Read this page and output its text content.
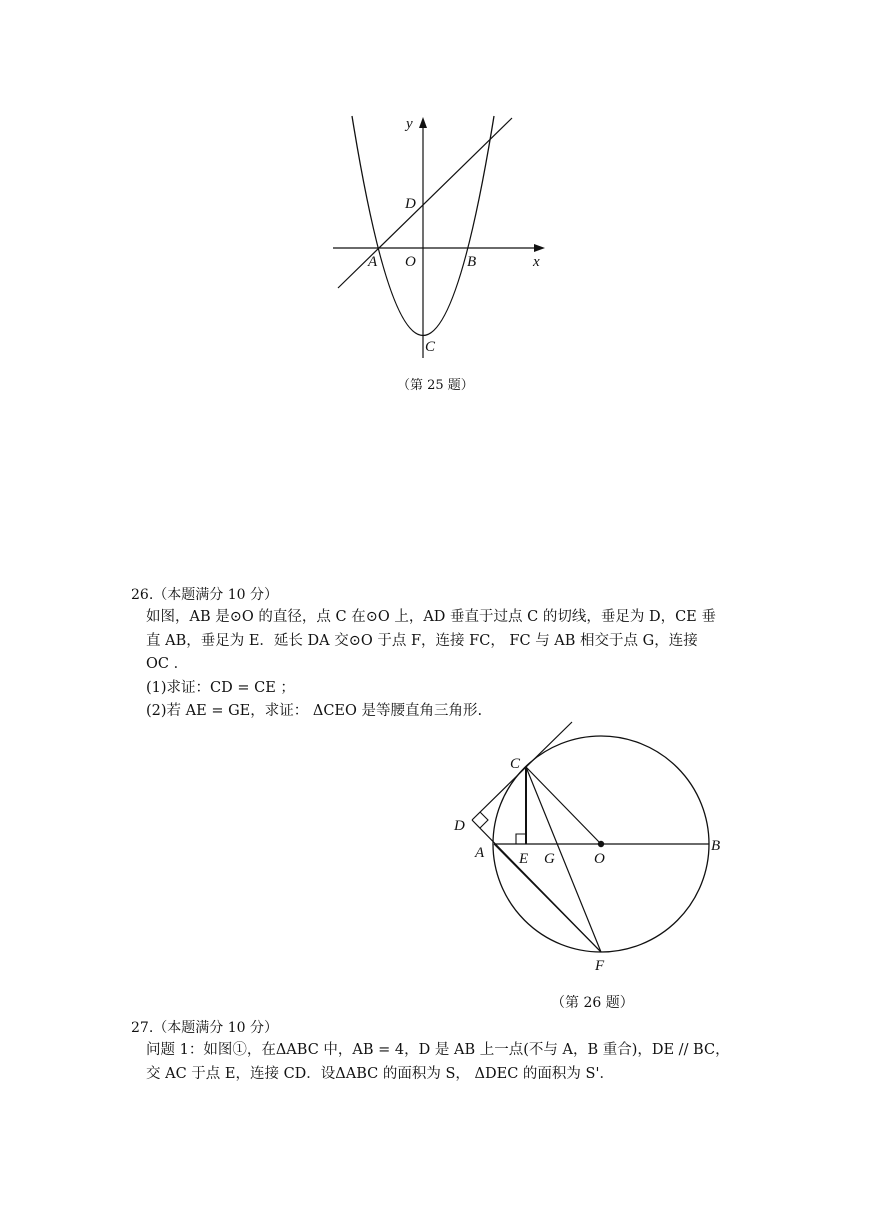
y
x
D
A O	B
C
（第 25 题）
26.（本题满分 10 分）
如图，AB 是⊙O 的直径，点 C 在⊙O 上，AD 垂直于过点 C 的切线，垂足为 D，CE 垂
直 AB，垂足为 E．延长 DA 交⊙O 于点 F，连接 FC， FC 与 AB 相交于点 G，连接
OC ．
(1)求证：CD = CE ；
(2)若 AE = GE，求证： ΔCEO 是等腰直角三角形.
C
D
A E G	O
B
F
（第 26 题）
27.（本题满分 10 分）
问题 1：如图①，在ΔABC 中，AB = 4，D 是 AB 上一点(不与 A，B 重合)，DE // BC，
交 AC 于点 E，连接 CD．设ΔABC 的面积为 S， ΔDEC 的面积为 S'．
